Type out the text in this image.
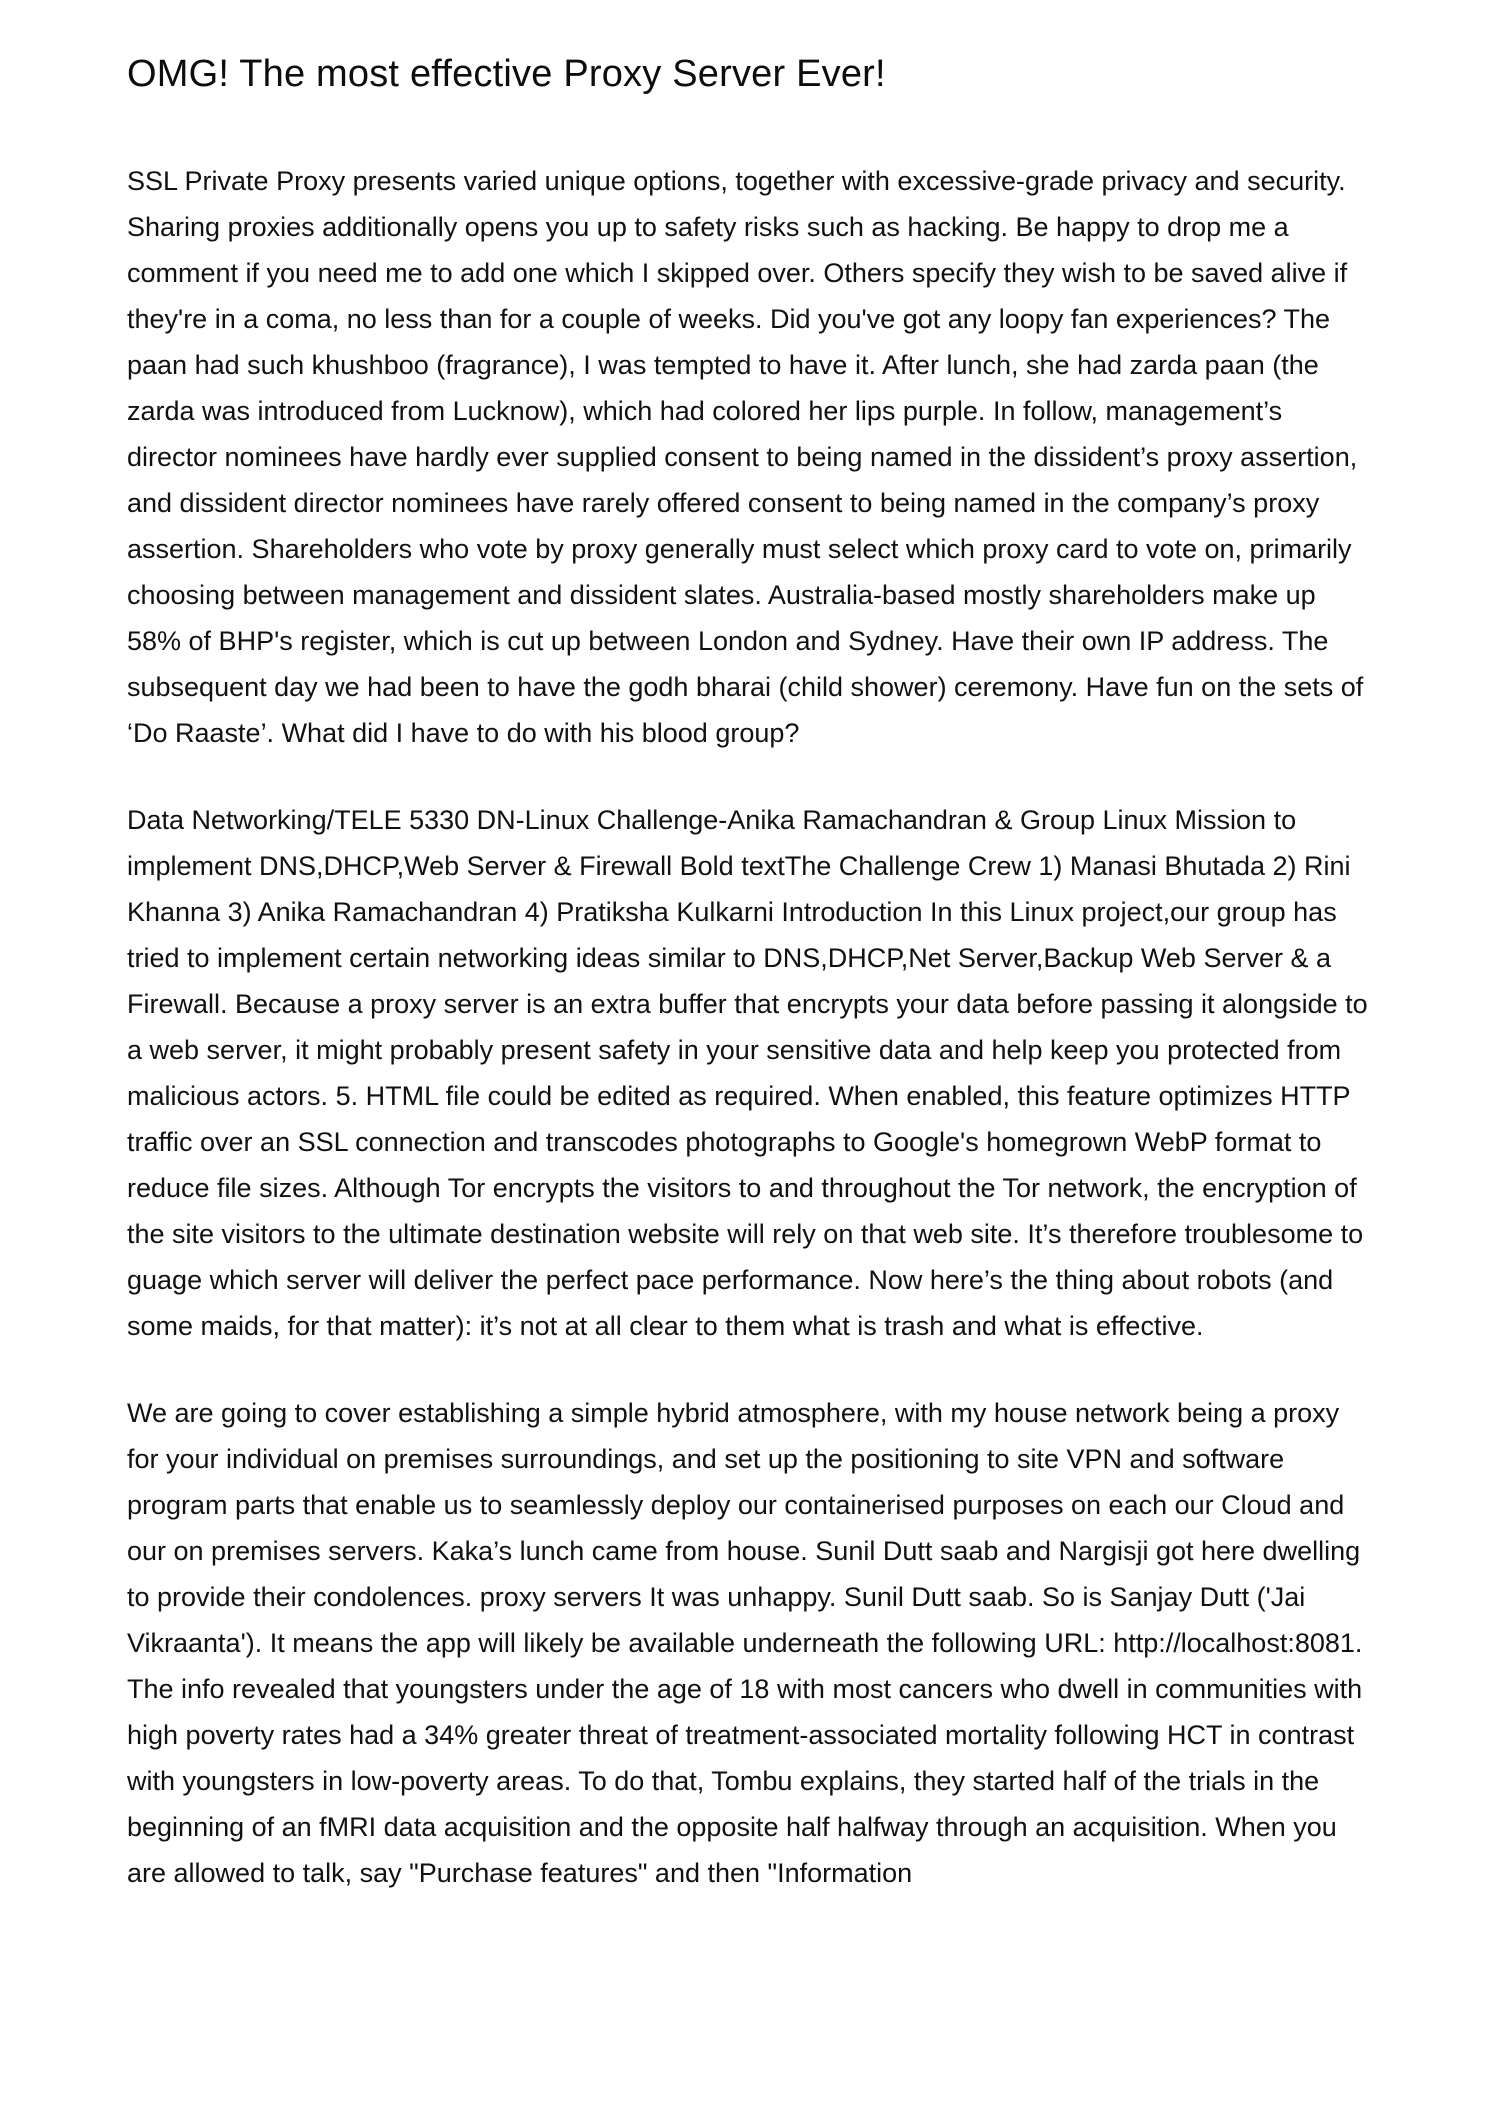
OMG! The most effective Proxy Server Ever!

SSL Private Proxy presents varied unique options, together with excessive-grade privacy and security. Sharing proxies additionally opens you up to safety risks such as hacking. Be happy to drop me a comment if you need me to add one which I skipped over. Others specify they wish to be saved alive if they're in a coma, no less than for a couple of weeks. Did you've got any loopy fan experiences? The paan had such khushboo (fragrance), I was tempted to have it. After lunch, she had zarda paan (the zarda was introduced from Lucknow), which had colored her lips purple. In follow, management’s director nominees have hardly ever supplied consent to being named in the dissident’s proxy assertion, and dissident director nominees have rarely offered consent to being named in the company’s proxy assertion. Shareholders who vote by proxy generally must select which proxy card to vote on, primarily choosing between management and dissident slates. Australia-based mostly shareholders make up 58% of BHP's register, which is cut up between London and Sydney. Have their own IP address. The subsequent day we had been to have the godh bharai (child shower) ceremony. Have fun on the sets of ‘Do Raaste’. What did I have to do with his blood group?

Data Networking/TELE 5330 DN-Linux Challenge-Anika Ramachandran & Group Linux Mission to implement DNS,DHCP,Web Server & Firewall Bold textThe Challenge Crew 1) Manasi Bhutada 2) Rini Khanna 3) Anika Ramachandran 4) Pratiksha Kulkarni Introduction In this Linux project,our group has tried to implement certain networking ideas similar to DNS,DHCP,Net Server,Backup Web Server & a Firewall. Because a proxy server is an extra buffer that encrypts your data before passing it alongside to a web server, it might probably present safety in your sensitive data and help keep you protected from malicious actors. 5. HTML file could be edited as required. When enabled, this feature optimizes HTTP traffic over an SSL connection and transcodes photographs to Google's homegrown WebP format to reduce file sizes. Although Tor encrypts the visitors to and throughout the Tor network, the encryption of the site visitors to the ultimate destination website will rely on that web site. It’s therefore troublesome to guage which server will deliver the perfect pace performance. Now here’s the thing about robots (and some maids, for that matter): it’s not at all clear to them what is trash and what is effective.

We are going to cover establishing a simple hybrid atmosphere, with my house network being a proxy for your individual on premises surroundings, and set up the positioning to site VPN and software program parts that enable us to seamlessly deploy our containerised purposes on each our Cloud and our on premises servers. Kaka’s lunch came from house. Sunil Dutt saab and Nargisji got here dwelling to provide their condolences. proxy servers It was unhappy. Sunil Dutt saab. So is Sanjay Dutt ('Jai Vikraanta'). It means the app will likely be available underneath the following URL: http://localhost:8081. The info revealed that youngsters under the age of 18 with most cancers who dwell in communities with high poverty rates had a 34% greater threat of treatment-associated mortality following HCT in contrast with youngsters in low-poverty areas. To do that, Tombu explains, they started half of the trials in the beginning of an fMRI data acquisition and the opposite half halfway through an acquisition. When you are allowed to talk, say "Purchase features" and then "Information
